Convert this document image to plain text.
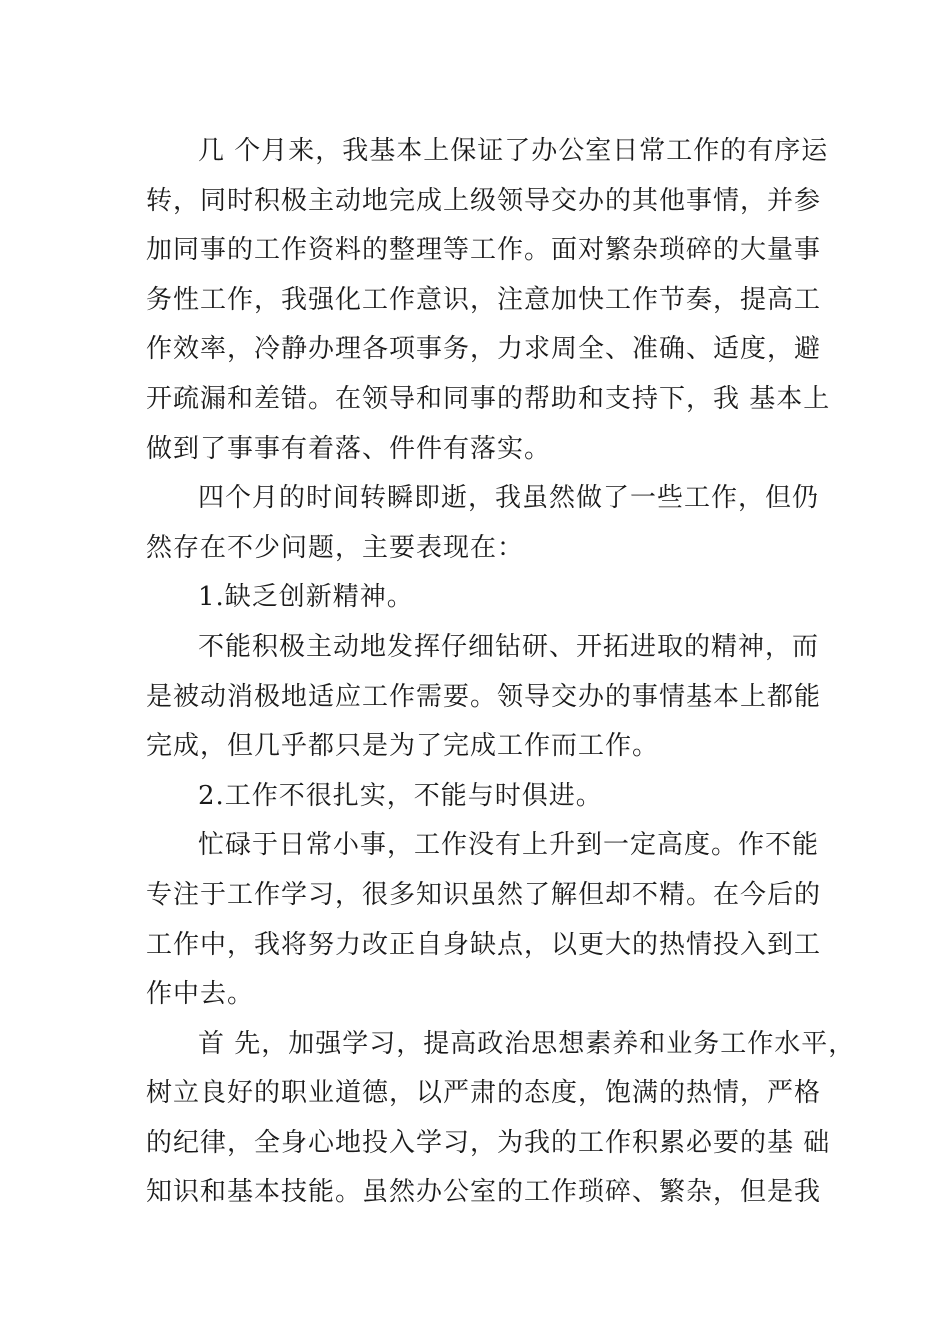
几 个月来，我基本上保证了办公室日常工作的有序运
转，同时积极主动地完成上级领导交办的其他事情，并参
加同事的工作资料的整理等工作。面对繁杂琐碎的大量事
务性工作，我强化工作意识，注意加快工作节奏，提高工
作效率，冷静办理各项事务，力求周全、准确、适度，避
开疏漏和差错。在领导和同事的帮助和支持下，我 基本上
做到了事事有着落、件件有落实。
四个月的时间转瞬即逝，我虽然做了一些工作，但仍
然存在不少问题，主要表现在：
1.缺乏创新精神。
不能积极主动地发挥仔细钻研、开拓进取的精神，而
是被动消极地适应工作需要。领导交办的事情基本上都能
完成，但几乎都只是为了完成工作而工作。
2.工作不很扎实，不能与时俱进。
忙碌于日常小事，工作没有上升到一定高度。作不能
专注于工作学习，很多知识虽然了解但却不精。在今后的
工作中，我将努力改正自身缺点，以更大的热情投入到工
作中去。
首 先，加强学习，提高政治思想素养和业务工作水平，
树立良好的职业道德，以严肃的态度，饱满的热情，严格
的纪律，全身心地投入学习，为我的工作积累必要的基 础
知识和基本技能。虽然办公室的工作琐碎、繁杂，但是我
